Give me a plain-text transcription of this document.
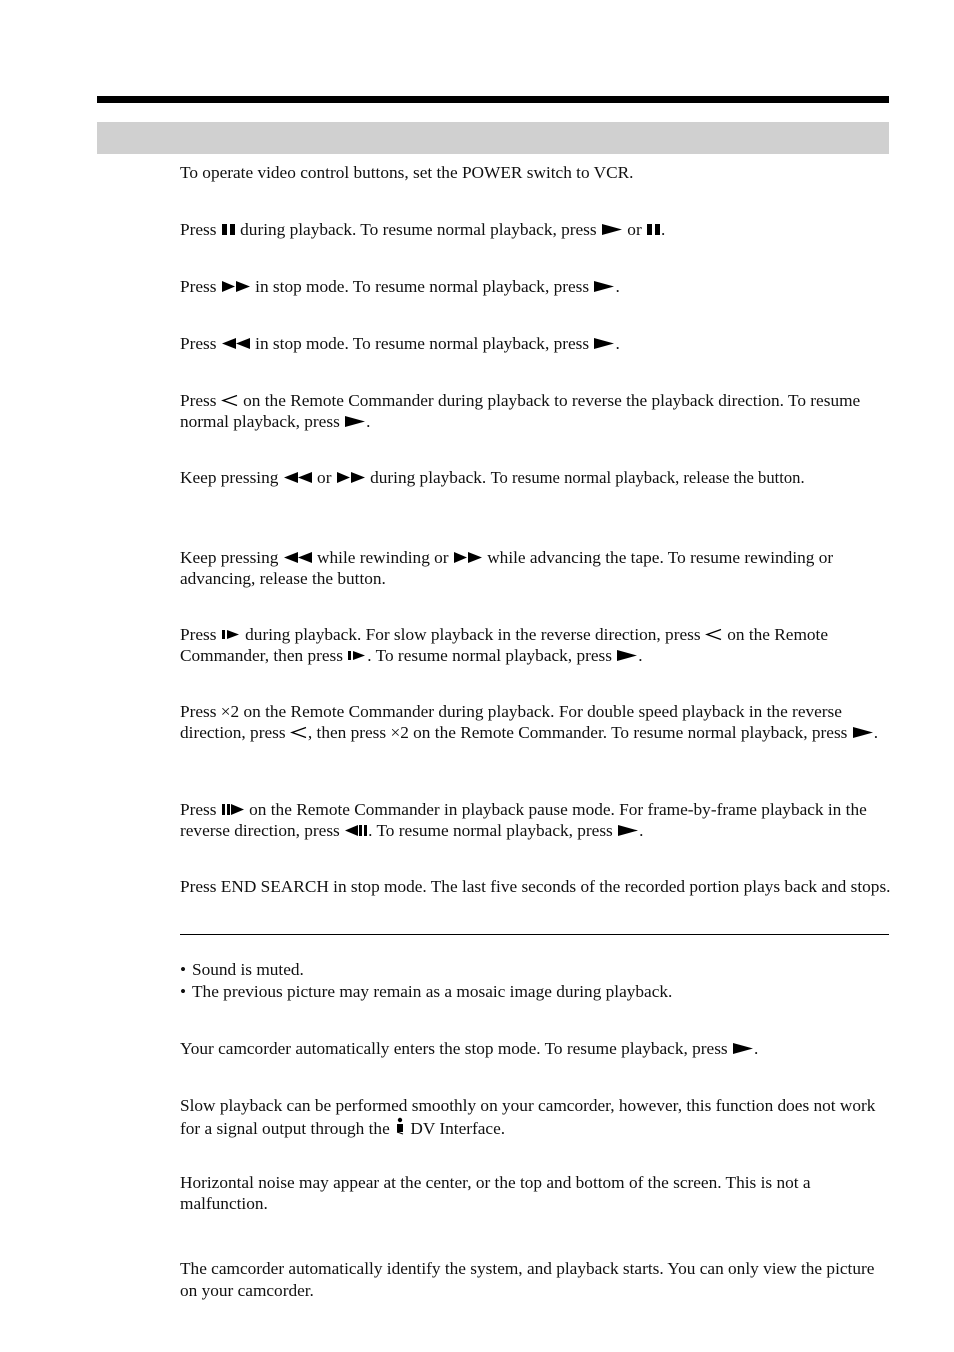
To operate video control buttons, set the POWER switch to VCR.

Press during playback. To resume normal playback, press or .

Press in stop mode. To resume normal playback, press .

Press in stop mode. To resume normal playback, press .

Press on the Remote Commander during playback to reverse the playback direction. To resume normal playback, press .

Keep pressing or during playback. To resume normal playback, release the button.

Keep pressing while rewinding or while advancing the tape. To resume rewinding or advancing, release the button.

Press during playback. For slow playback in the reverse direction, press on the Remote Commander, then press . To resume normal playback, press .

Press ×2 on the Remote Commander during playback. For double speed playback in the reverse direction, press , then press ×2 on the Remote Commander. To resume normal playback, press .

Press on the Remote Commander in playback pause mode. For frame-by-frame playback in the reverse direction, press . To resume normal playback, press .

Press END SEARCH in stop mode. The last five seconds of the recorded portion plays back and stops.

• Sound is muted.

• The previous picture may remain as a mosaic image during playback.

Your camcorder automatically enters the stop mode. To resume playback, press .

Slow playback can be performed smoothly on your camcorder, however, this function does not work for a signal output through the DV Interface.

Horizontal noise may appear at the center, or the top and bottom of the screen. This is not a malfunction.

The camcorder automatically identify the system, and playback starts. You can only view the picture on your camcorder.
